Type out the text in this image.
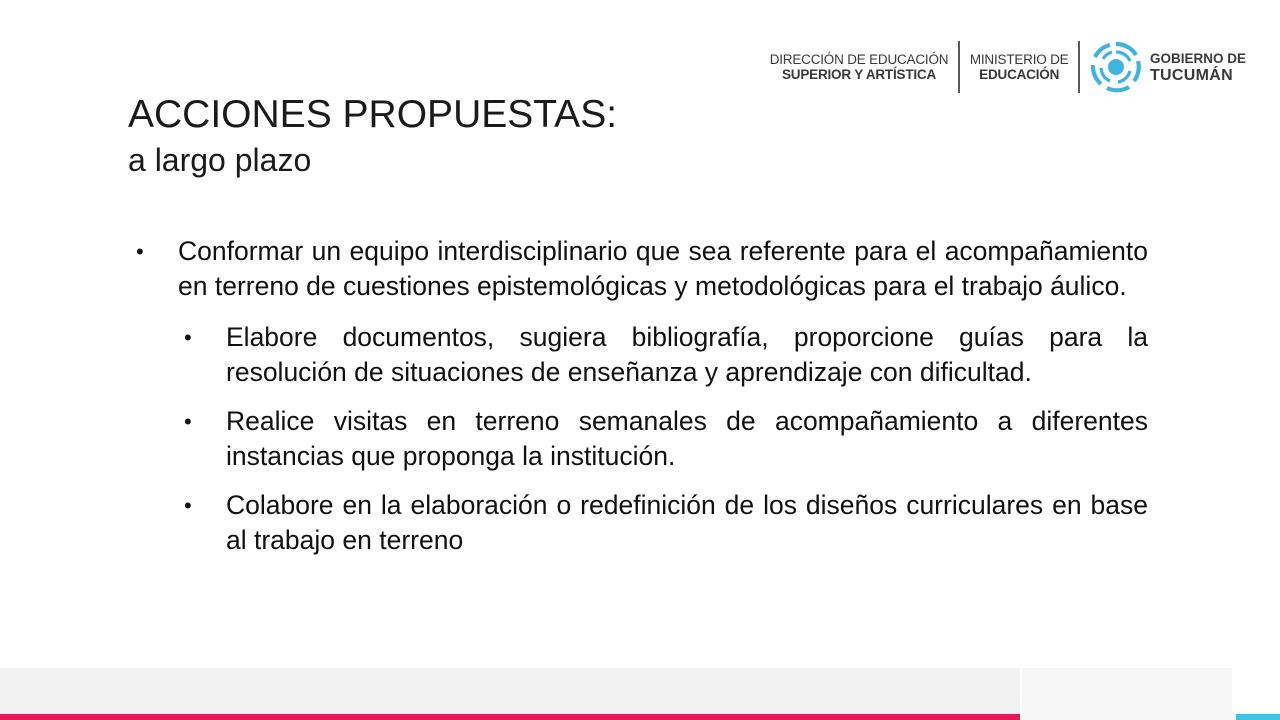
DIRECCIÓN DE EDUCACIÓN
SUPERIOR Y ARTÍSTICA
MINISTERIO DE
EDUCACIÓN
GOBIERNO DE
TUCUMÁN
ACCIONES PROPUESTAS:
a largo plazo
• Conformar un equipo interdisciplinario que sea referente para el acompañamiento en terreno de cuestiones epistemológicas y metodológicas para el trabajo áulico.
• Elabore documentos, sugiera bibliografía, proporcione guías para la resolución de situaciones de enseñanza y aprendizaje con dificultad.
• Realice visitas en terreno semanales de acompañamiento a diferentes instancias que proponga la institución.
• Colabore en la elaboración o redefinición de los diseños curriculares en base al trabajo en terreno
